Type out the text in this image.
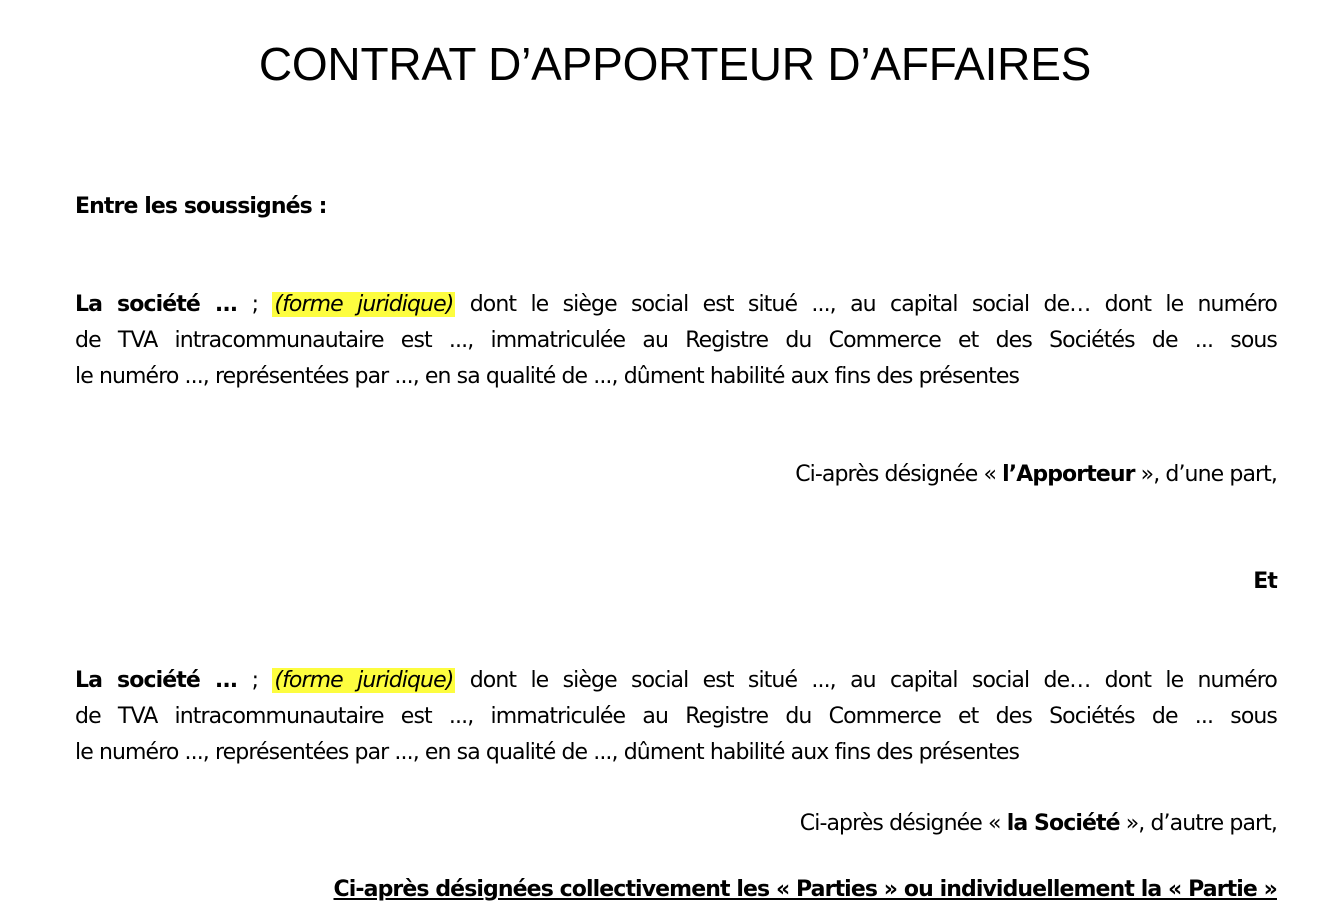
CONTRAT D’APPORTEUR D’AFFAIRES
Entre les soussignés :
La société ... ; (forme juridique) dont le siège social est situé ..., au capital social de… dont le numéro
de TVA intracommunautaire est ..., immatriculée au Registre du Commerce et des Sociétés de ... sous
le numéro ..., représentées par ..., en sa qualité de ..., dûment habilité aux fins des présentes
Ci-après désignée « l’Apporteur », d’une part,
Et
La société ... ; (forme juridique) dont le siège social est situé ..., au capital social de… dont le numéro
de TVA intracommunautaire est ..., immatriculée au Registre du Commerce et des Sociétés de ... sous
le numéro ..., représentées par ..., en sa qualité de ..., dûment habilité aux fins des présentes
Ci-après désignée « la Société », d’autre part,
Ci-après désignées collectivement les « Parties » ou individuellement la « Partie »
